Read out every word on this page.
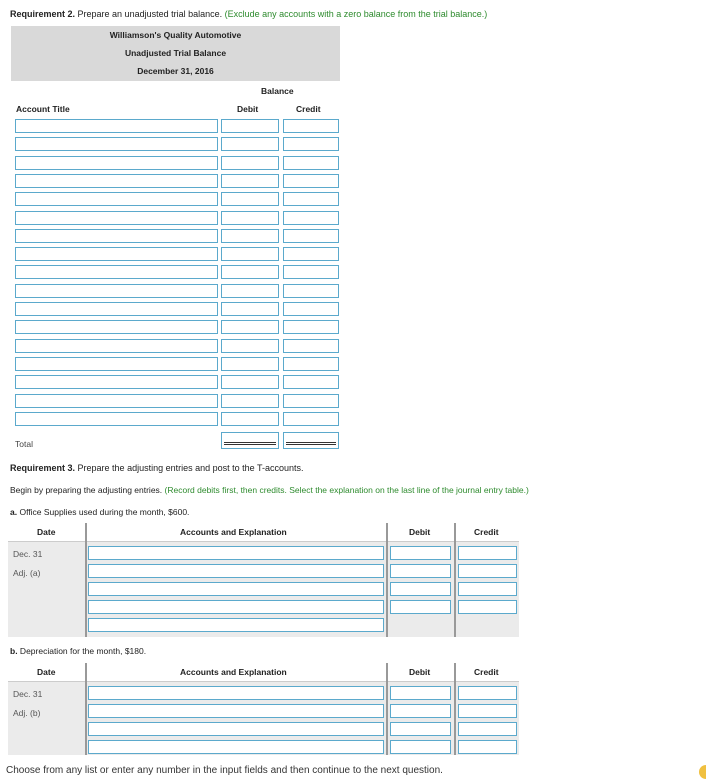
Requirement 2. Prepare an unadjusted trial balance. (Exclude any accounts with a zero balance from the trial balance.)
Williamson's Quality Automotive
Unadjusted Trial Balance
December 31, 2016
Balance
Account Title	Debit	Credit
Total
Requirement 3. Prepare the adjusting entries and post to the T-accounts.
Begin by preparing the adjusting entries. (Record debits first, then credits. Select the explanation on the last line of the journal entry table.)
a. Office Supplies used during the month, $600.
Date	Accounts and Explanation	Debit	Credit
Dec. 31
Adj. (a)
b. Depreciation for the month, $180.
Date	Accounts and Explanation	Debit	Credit
Dec. 31
Adj. (b)
Choose from any list or enter any number in the input fields and then continue to the next question.
